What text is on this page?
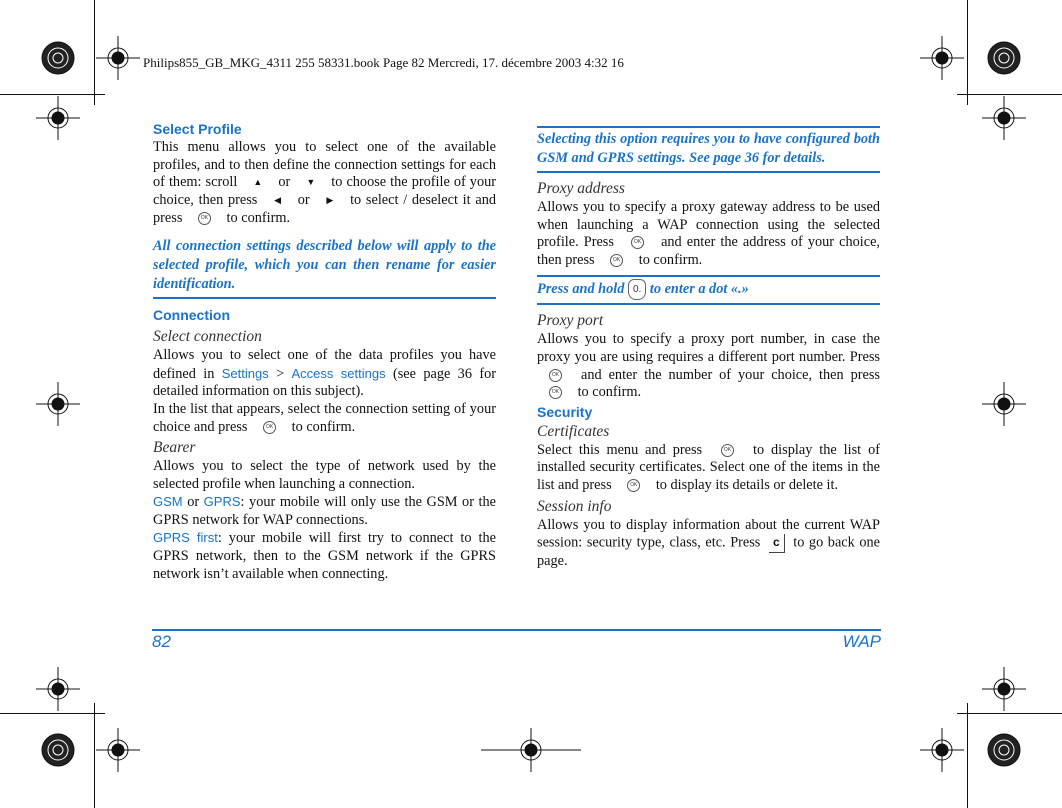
Philips855_GB_MKG_4311 255 58331.book Page 82 Mercredi, 17. décembre 2003 4:32 16
Select Profile

This menu allows you to select one of the available profiles, and to then define the connection settings for each of them: scroll ▲ or ▼ to choose the profile of your choice, then press ◀ or ▶ to select / deselect it and press	OK to confirm.

All connection settings described below will apply to the selected profile, which you can then rename for easier identification.
Connection
Select connection

Allows you to select one of the data profiles you have defined in Settings > Access settings (see page 36 for detailed information on this subject).

In the list that appears, select the connection setting of your choice and press	OK to confirm.

Bearer

Allows you to select the type of network used by the selected profile when launching a connection.

GSM or GPRS: your mobile will only use the GSM or the GPRS network for WAP connections.

GPRS first: your mobile will first try to connect to the GPRS network, then to the GSM network if the GPRS network isn’t available when connecting.

Selecting this option requires you to have configured both GSM and GPRS settings. See page 36 for details.
Proxy address

Allows you to specify a proxy gateway address to be used when launching a WAP connection using the selected profile. Press	OK and enter the address of your choice, then press	OK to confirm.

Press and hold 0. to enter a dot «.»
Proxy port

Allows you to specify a proxy port number, in case the proxy you are using requires a different port number. Press OK and enter the number of your choice, then press OK to confirm.

Security
Certificates

Select this menu and press	OK to display the list of installed security certificates. Select one of the items in the list and press	OK to display its details or delete it.

Session info

Allows you to display information about the current WAP session: security type, class, etc. Press c to go back one page.

82	WAP
